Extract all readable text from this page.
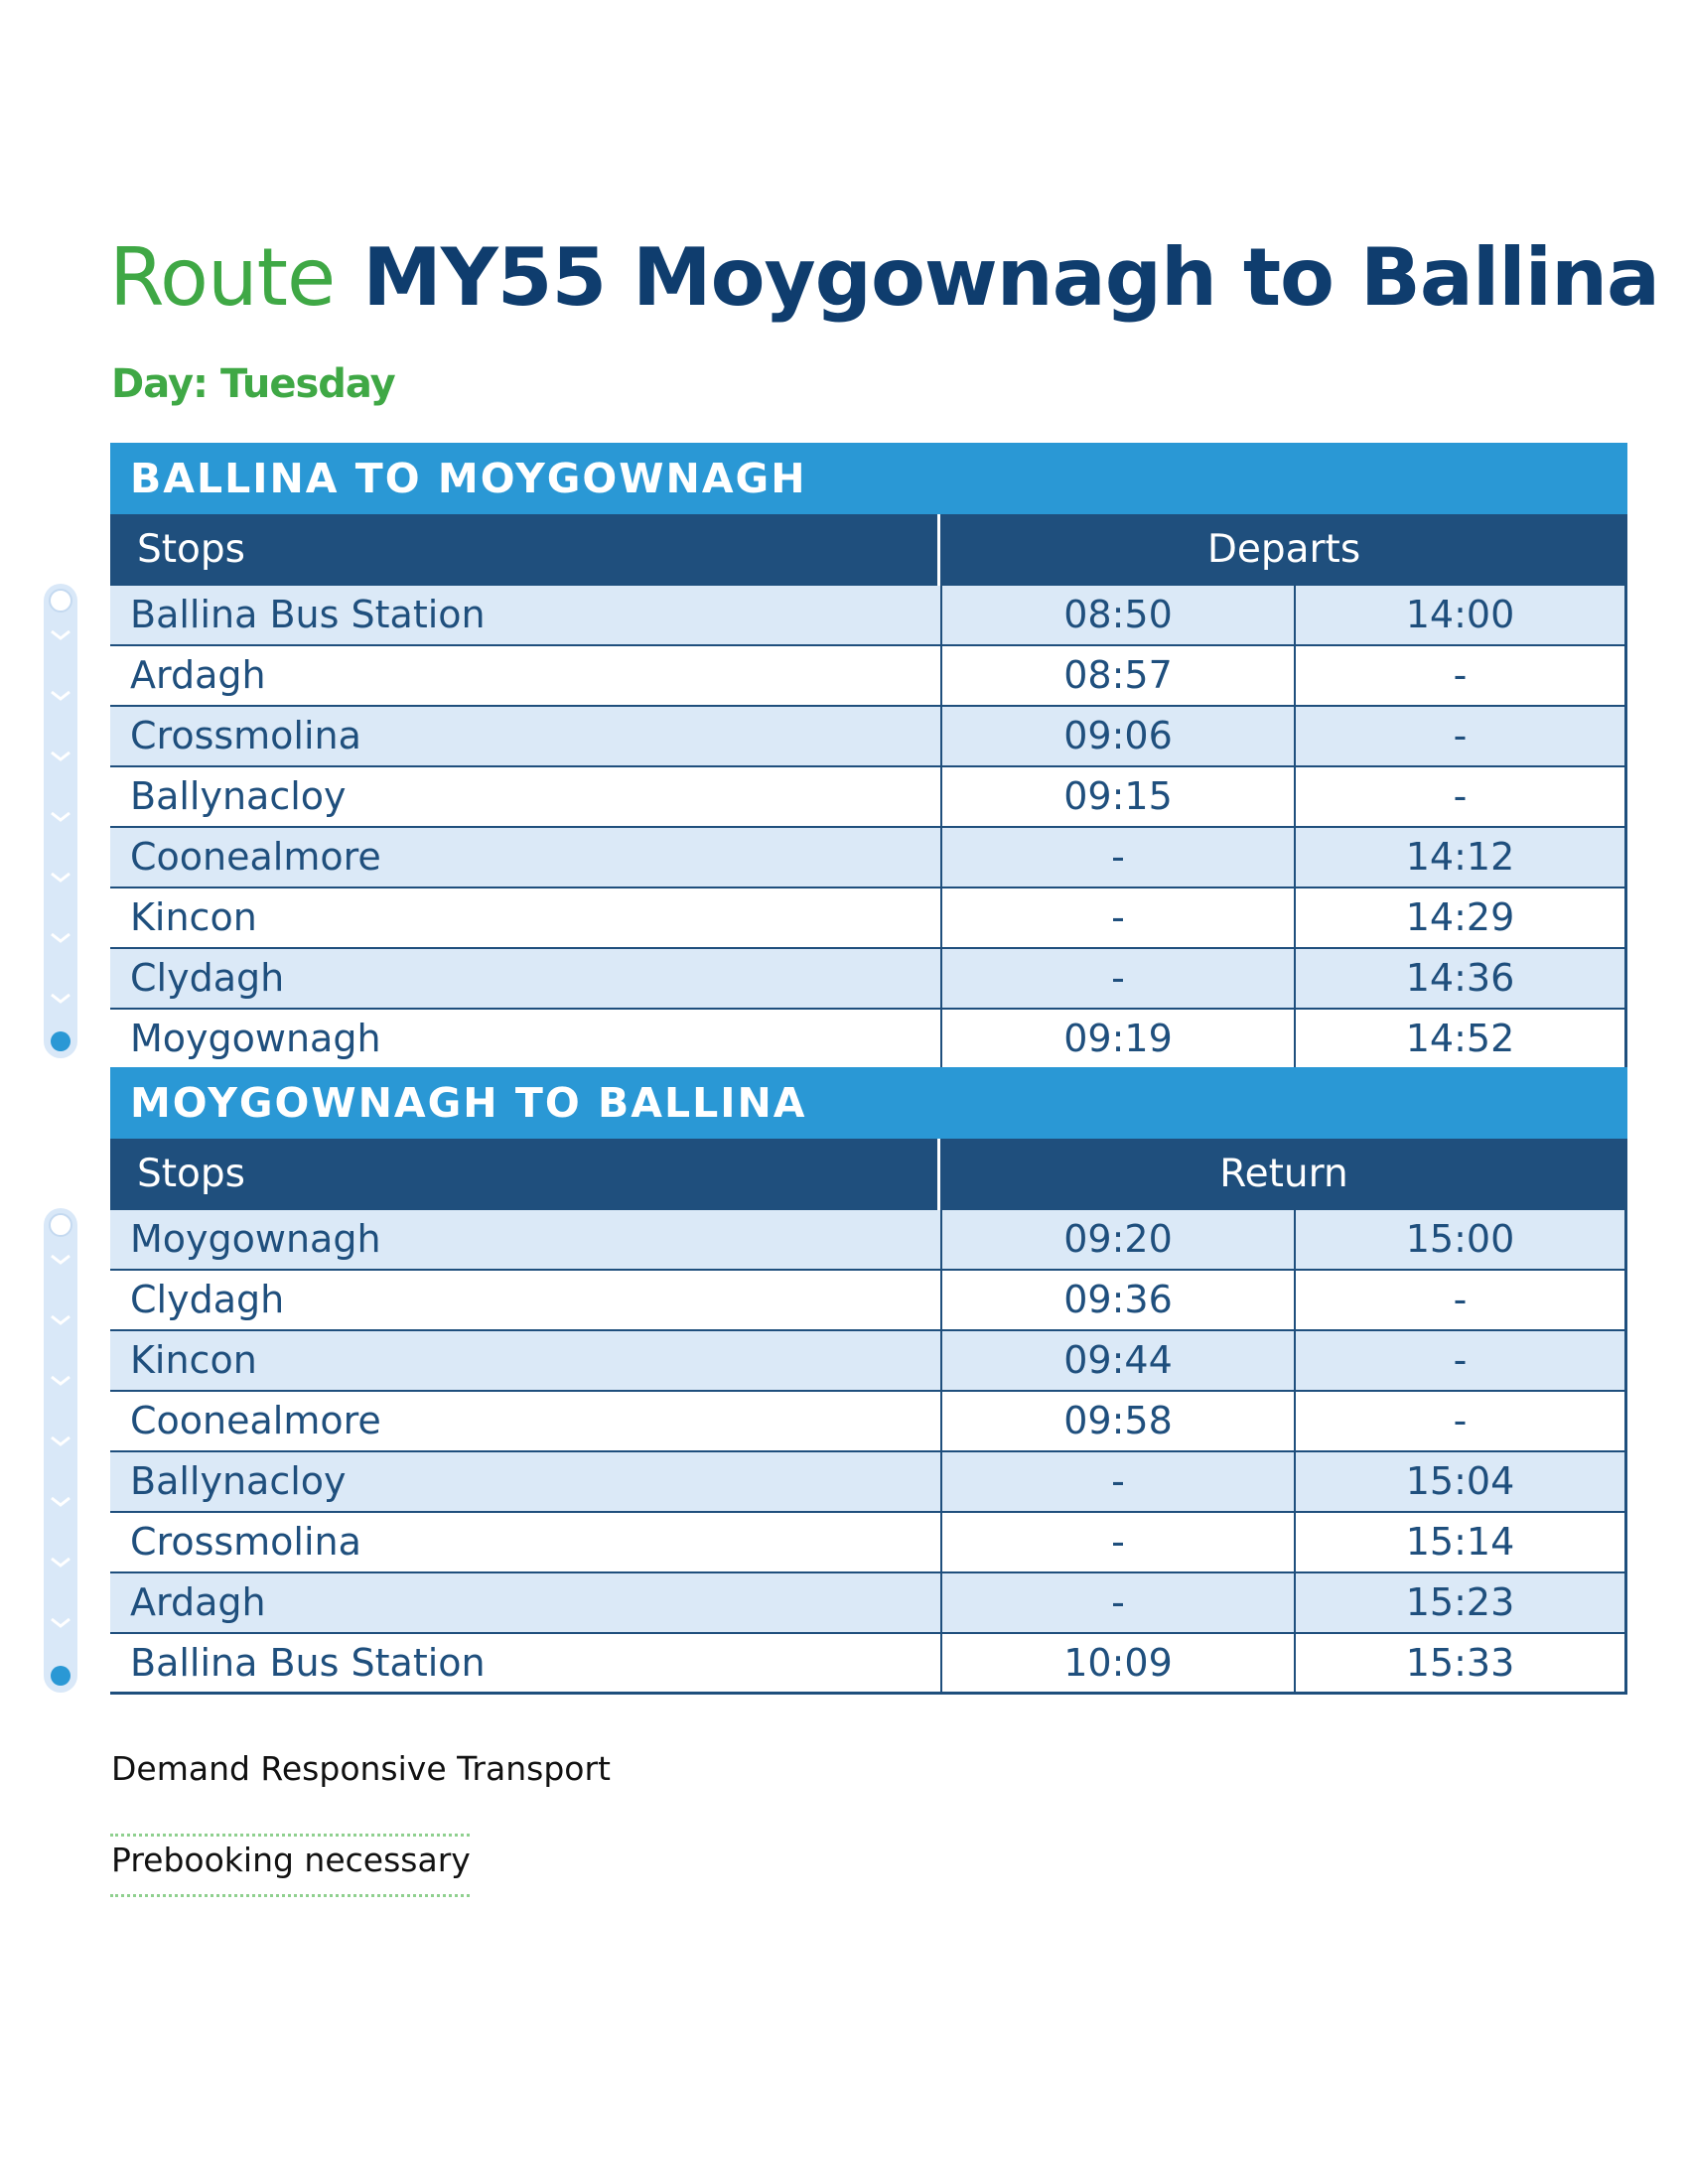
Route MY55 Moygownagh to Ballina
Day: Tuesday
BALLINA TO MOYGOWNAGH
Stops	Departs
Ballina Bus Station	08:50	14:00
Ardagh	08:57	-
Crossmolina	09:06	-
Ballynacloy	09:15	-
Coonealmore	-	14:12
Kincon	-	14:29
Clydagh	-	14:36
Moygownagh	09:19	14:52
MOYGOWNAGH TO BALLINA
Stops	Return
Moygownagh	09:20	15:00
Clydagh	09:36	-
Kincon	09:44	-
Coonealmore	09:58	-
Ballynacloy	-	15:04
Crossmolina	-	15:14
Ardagh	-	15:23
Ballina Bus Station	10:09	15:33
Demand Responsive Transport
Prebooking necessary
